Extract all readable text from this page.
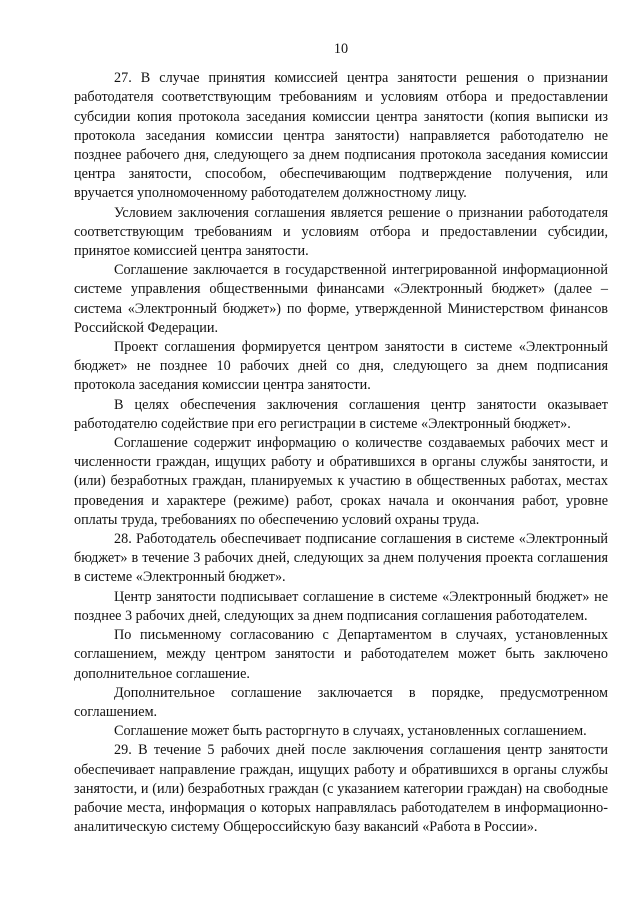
10

27. В случае принятия комиссией центра занятости решения о признании работодателя соответствующим требованиям и условиям отбора и предоставлении субсидии копия протокола заседания комиссии центра занятости (копия выписки из протокола заседания комиссии центра занятости) направляется работодателю не позднее рабочего дня, следующего за днем подписания протокола заседания комиссии центра занятости, способом, обеспечивающим подтверждение получения, или вручается уполномоченному работодателем должностному лицу.

Условием заключения соглашения является решение о признании работодателя соответствующим требованиям и условиям отбора и предоставлении субсидии, принятое комиссией центра занятости.

Соглашение заключается в государственной интегрированной информационной системе управления общественными финансами «Электронный бюджет» (далее – система «Электронный бюджет») по форме, утвержденной Министерством финансов Российской Федерации.

Проект соглашения формируется центром занятости в системе «Электронный бюджет» не позднее 10 рабочих дней со дня, следующего за днем подписания протокола заседания комиссии центра занятости.

В целях обеспечения заключения соглашения центр занятости оказывает работодателю содействие при его регистрации в системе «Электронный бюджет».

Соглашение содержит информацию о количестве создаваемых рабочих мест и численности граждан, ищущих работу и обратившихся в органы службы занятости, и (или) безработных граждан, планируемых к участию в общественных работах, местах проведения и характере (режиме) работ, сроках начала и окончания работ, уровне оплаты труда, требованиях по обеспечению условий охраны труда.

28. Работодатель обеспечивает подписание соглашения в системе «Электронный бюджет» в течение 3 рабочих дней, следующих за днем получения проекта соглашения в системе «Электронный бюджет».

Центр занятости подписывает соглашение в системе «Электронный бюджет» не позднее 3 рабочих дней, следующих за днем подписания соглашения работодателем.

По письменному согласованию с Департаментом в случаях, установленных соглашением, между центром занятости и работодателем может быть заключено дополнительное соглашение.

Дополнительное соглашение заключается в порядке, предусмотренном соглашением.

Соглашение может быть расторгнуто в случаях, установленных соглашением.

29. В течение 5 рабочих дней после заключения соглашения центр занятости обеспечивает направление граждан, ищущих работу и обратившихся в органы службы занятости, и (или) безработных граждан (с указанием категории граждан) на свободные рабочие места, информация о которых направлялась работодателем в информационно-аналитическую систему Общероссийскую базу вакансий «Работа в России».
